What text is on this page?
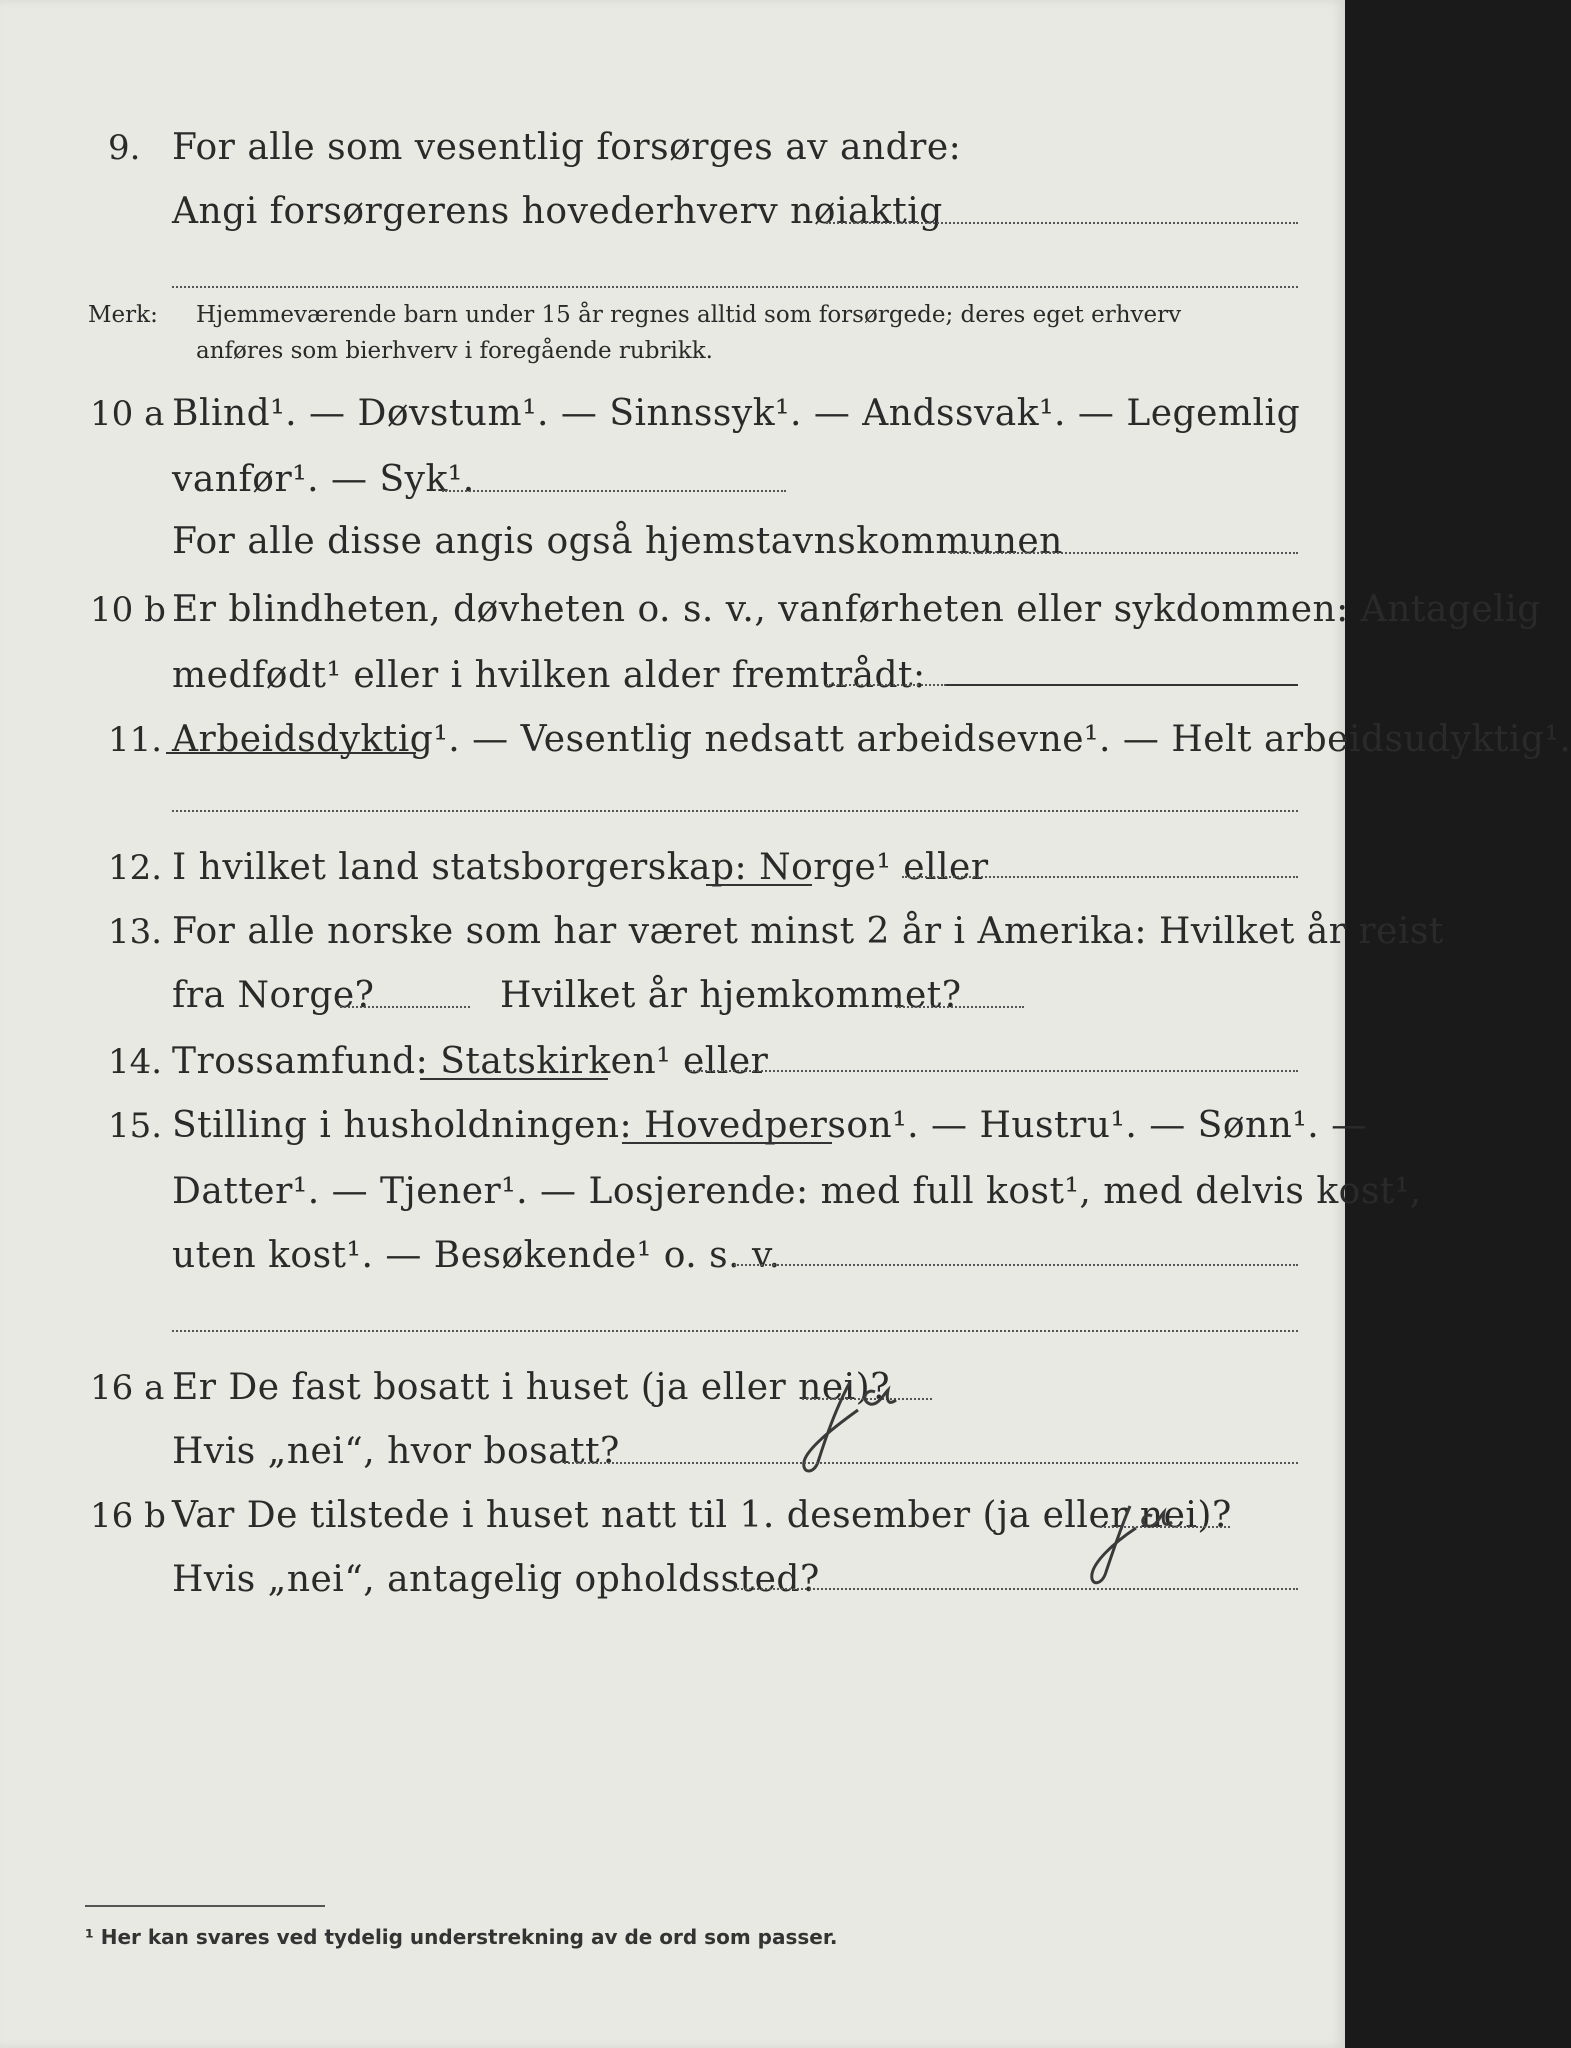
9. For alle som vesentlig forsørges av andre:
Angi forsørgerens hovederhverv nøiaktig
Merk: Hjemmeværende barn under 15 år regnes alltid som forsørgede; deres eget erhverv
anføres som bierhverv i foregående rubrikk.
10 a Blind¹. — Døvstum¹. — Sinnssyk¹. — Andssvak¹. — Legemlig
vanfør¹. — Syk¹.
For alle disse angis også hjemstavnskommunen
10 b Er blindheten, døvheten o. s. v., vanførheten eller sykdommen: Antagelig
medfødt¹ eller i hvilken alder fremtrådt:
11. Arbeidsdyktig¹. — Vesentlig nedsatt arbeidsevne¹. — Helt arbeidsudyktig¹.
12. I hvilket land statsborgerskap: Norge¹ eller
13. For alle norske som har været minst 2 år i Amerika: Hvilket år reist
fra Norge?	Hvilket år hjemkommet?
14. Trossamfund: Statskirken¹ eller
15. Stilling i husholdningen: Hovedperson¹. — Hustru¹. — Sønn¹. —
Datter¹. — Tjener¹. — Losjerende: med full kost¹, med delvis kost¹,
uten kost¹. — Besøkende¹ o. s. v.
16 a Er De fast bosatt i huset (ja eller nei)?
Hvis „nei“, hvor bosatt?
16 b Var De tilstede i huset natt til 1. desember (ja eller nei)?
Hvis „nei“, antagelig opholdssted?
¹ Her kan svares ved tydelig understrekning av de ord som passer.
